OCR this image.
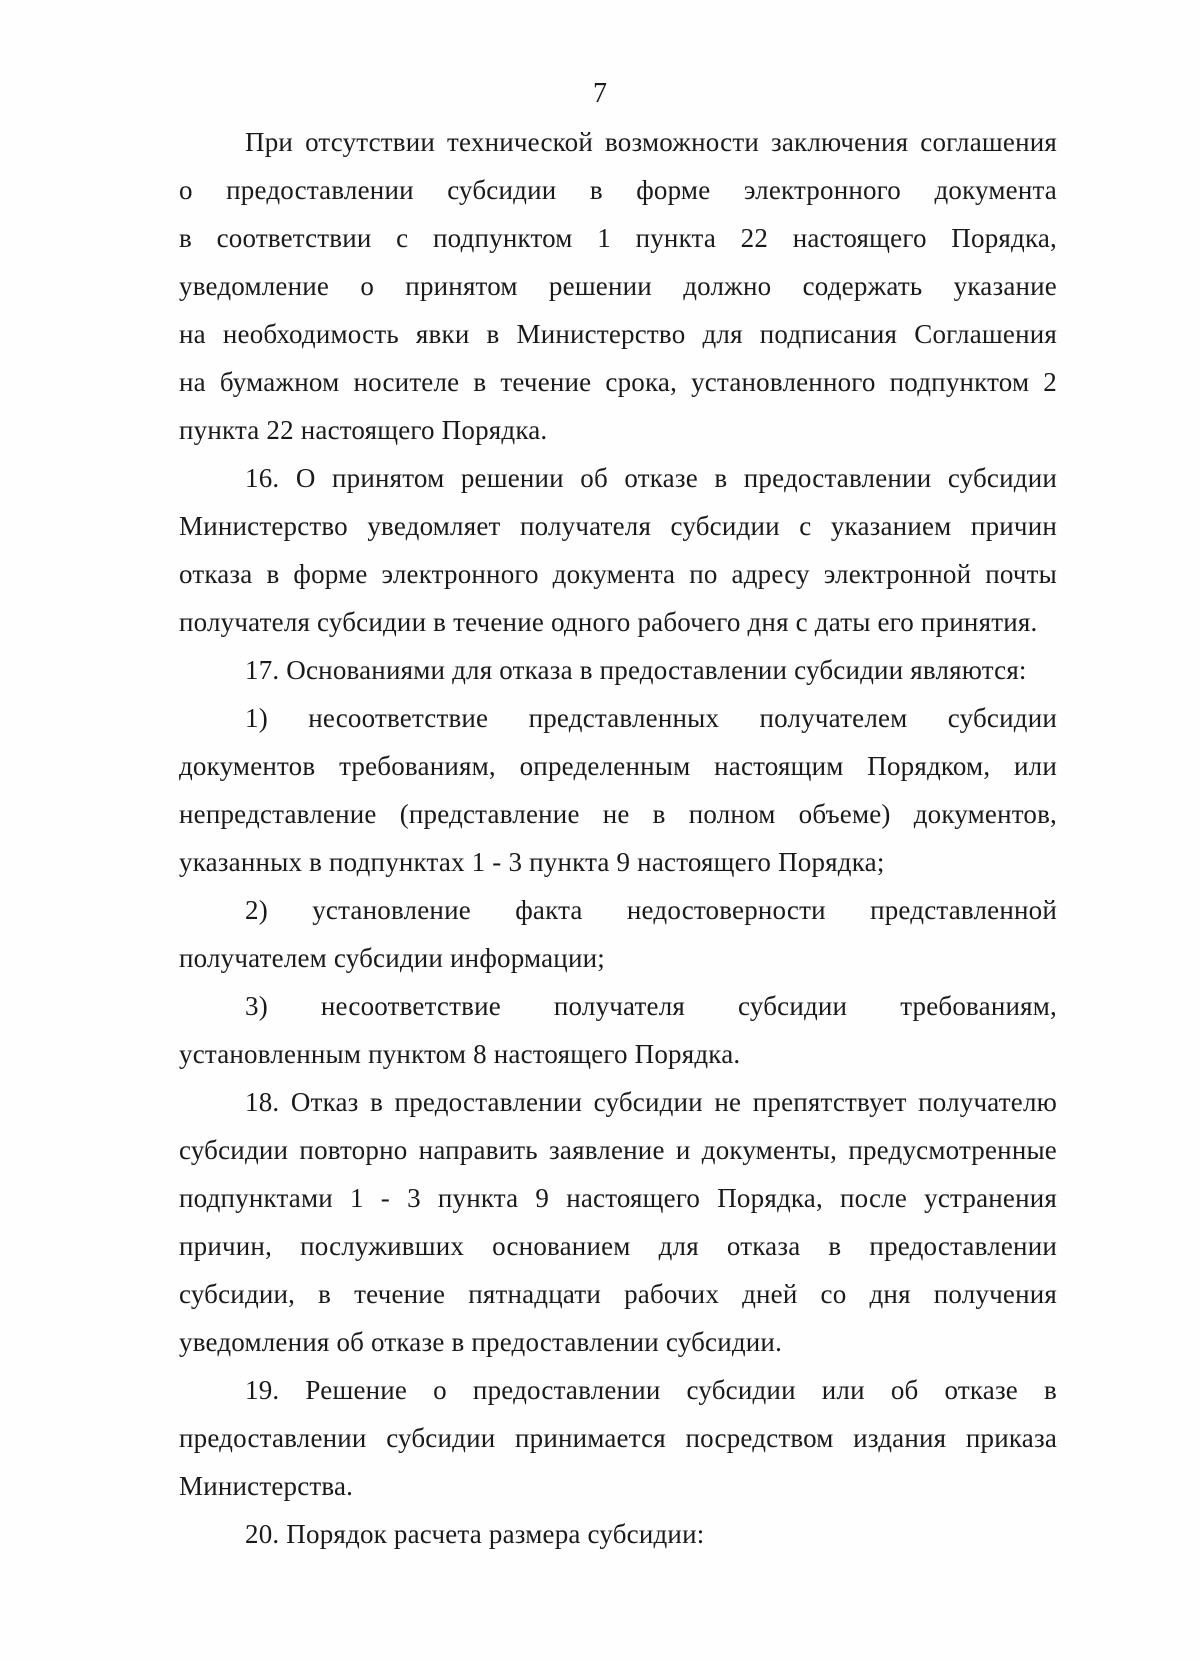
7
При отсутствии технической возможности заключения соглашения
о предоставлении субсидии в форме электронного документа
в соответствии с подпунктом 1 пункта 22 настоящего Порядка,
уведомление о принятом решении должно содержать указание
на необходимость явки в Министерство для подписания Соглашения
на бумажном носителе в течение срока, установленного подпунктом 2
пункта 22 настоящего Порядка.
16. О принятом решении об отказе в предоставлении субсидии
Министерство уведомляет получателя субсидии с указанием причин
отказа в форме электронного документа по адресу электронной почты
получателя субсидии в течение одного рабочего дня с даты его принятия.
17. Основаниями для отказа в предоставлении субсидии являются:
1) несоответствие представленных получателем субсидии
документов требованиям, определенным настоящим Порядком, или
непредставление (представление не в полном объеме) документов,
указанных в подпунктах 1 - 3 пункта 9 настоящего Порядка;
2) установление факта недостоверности представленной
получателем субсидии информации;
3) несоответствие получателя субсидии требованиям,
установленным пунктом 8 настоящего Порядка.
18. Отказ в предоставлении субсидии не препятствует получателю
субсидии повторно направить заявление и документы, предусмотренные
подпунктами 1 - 3 пункта 9 настоящего Порядка, после устранения
причин, послуживших основанием для отказа в предоставлении
субсидии, в течение пятнадцати рабочих дней со дня получения
уведомления об отказе в предоставлении субсидии.
19. Решение о предоставлении субсидии или об отказе в
предоставлении субсидии принимается посредством издания приказа
Министерства.
20. Порядок расчета размера субсидии:
